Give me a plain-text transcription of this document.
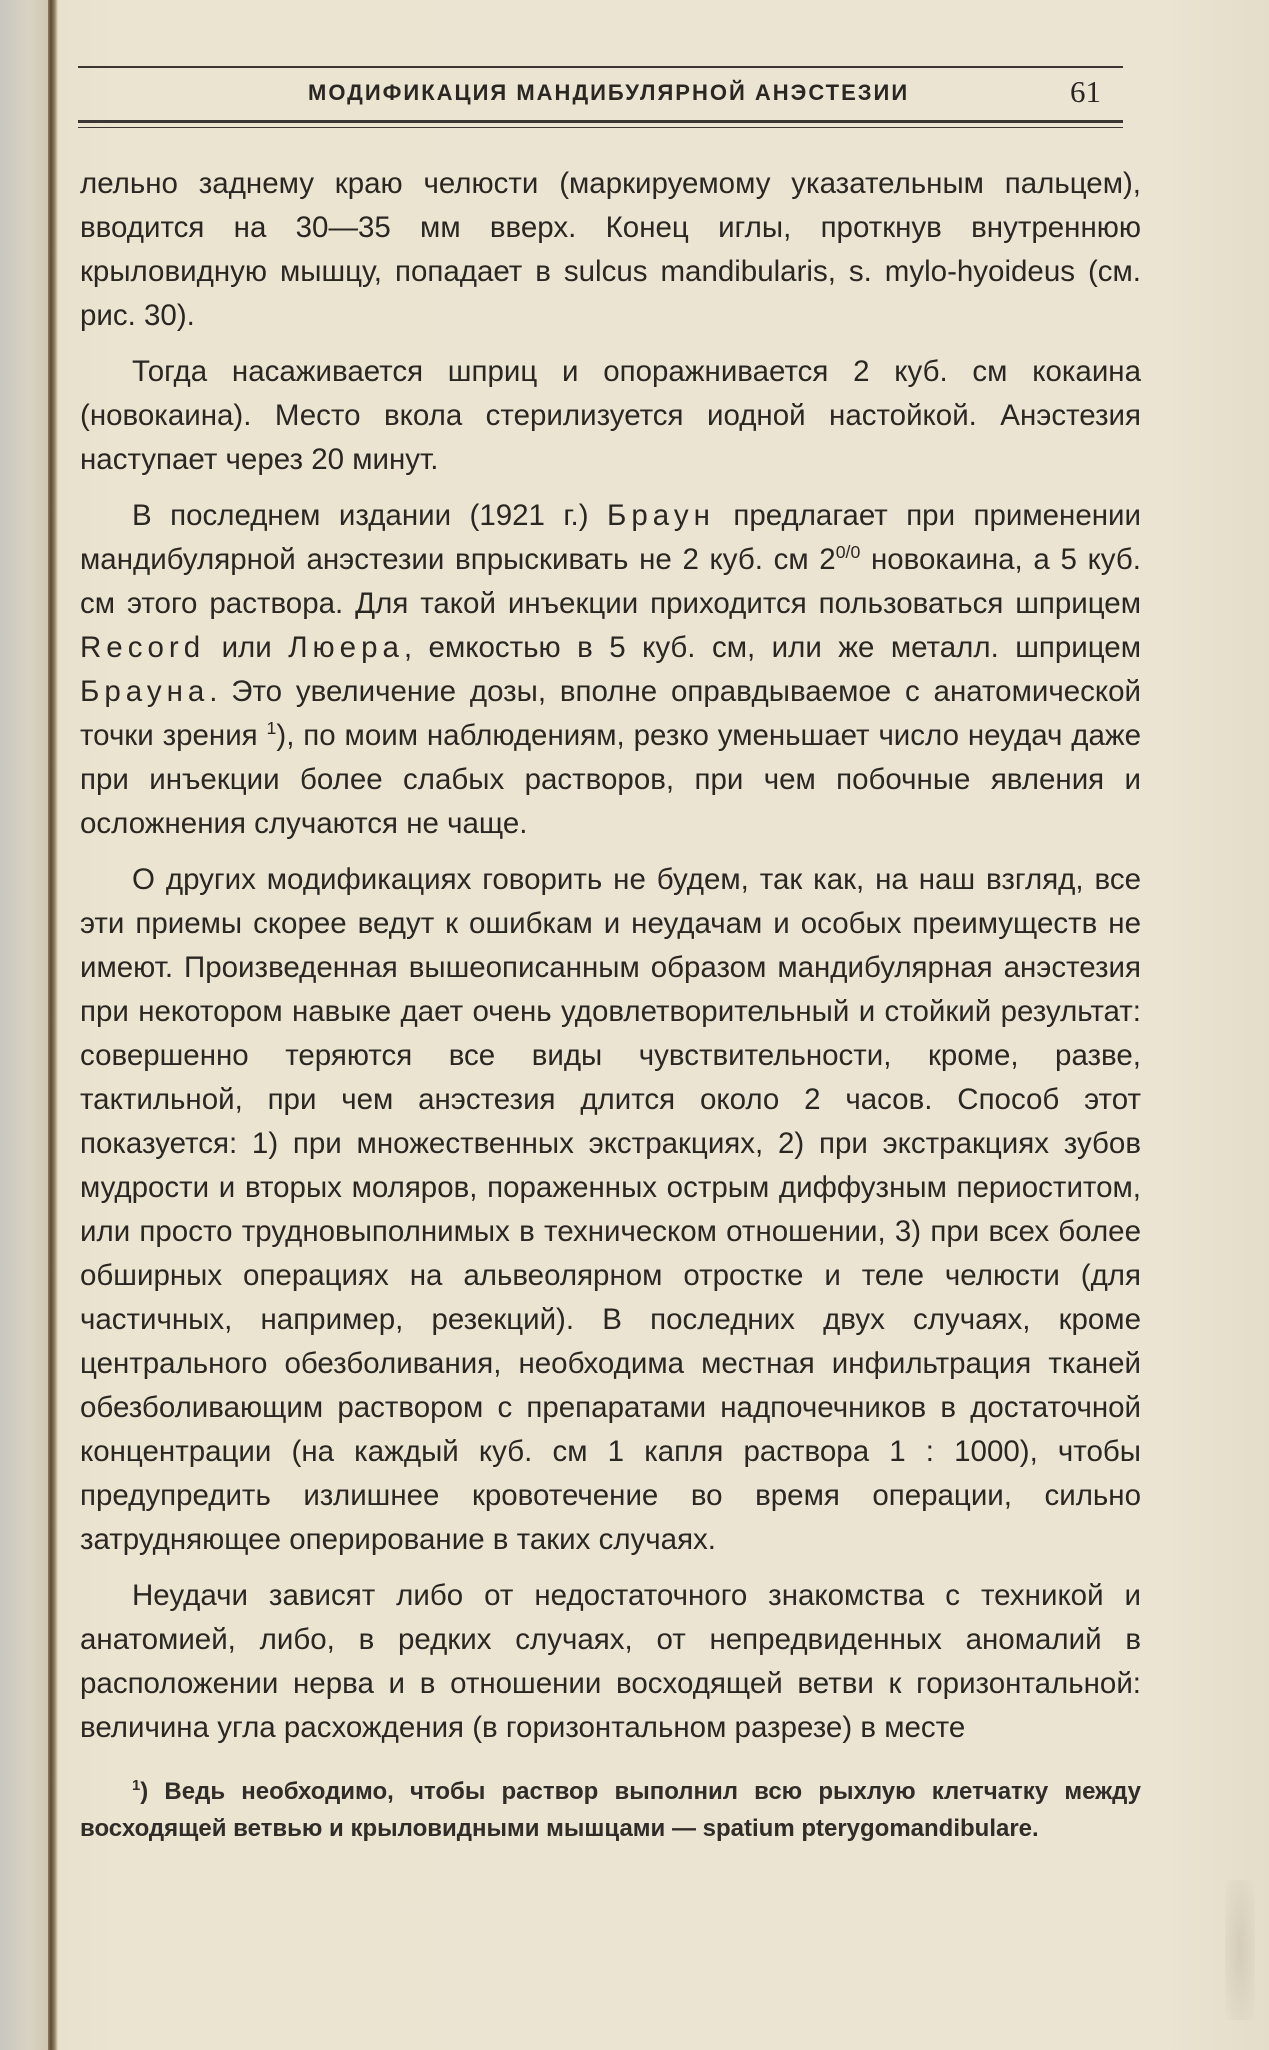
МОДИФИКАЦИЯ МАНДИБУЛЯРНОЙ АНЭСТЕЗИИ	61

лельно заднему краю челюсти (маркируемому указательным пальцем), вводится на 30—35 мм вверх. Конец иглы, проткнув внутреннюю крыловидную мышцу, попадает в sulcus mandibularis, s. mylo-hyoideus (см. рис. 30).

Тогда насаживается шприц и опоражнивается 2 куб. см кокаина (новокаина). Место вкола стерилизуется иодной настойкой. Анэстезия наступает через 20 минут.

В последнем издании (1921 г.) Браун предлагает при применении мандибулярной анэстезии впрыскивать не 2 куб. см $2^{0/0}$ новокаина, а 5 куб. см этого раствора. Для такой инъекции приходится пользоваться шприцем Record или Люера, емкостью в 5 куб. см, или же металл. шприцем Брауна. Это увеличение дозы, вполне оправдываемое с анатомической точки зрения $^1$), по моим наблюдениям, резко уменьшает число неудач даже при инъекции более слабых растворов, при чем побочные явления и осложнения случаются не чаще.

О других модификациях говорить не будем, так как, на наш взгляд, все эти приемы скорее ведут к ошибкам и неудачам и особых преимуществ не имеют. Произведенная вышеописанным образом мандибулярная анэстезия при некотором навыке дает очень удовлетворительный и стойкий результат: совершенно теряются все виды чувствительности, кроме, разве, тактильной, при чем анэстезия длится около 2 часов. Способ этот показуется: 1) при множественных экстракциях, 2) при экстракциях зубов мудрости и вторых моляров, пораженных острым диффузным периоститом, или просто трудновыполнимых в техническом отношении, 3) при всех более обширных операциях на альвеолярном отростке и теле челюсти (для частичных, например, резекций). В последних двух случаях, кроме центрального обезболивания, необходима местная инфильтрация тканей обезболивающим раствором с препаратами надпочечников в достаточной концентрации (на каждый куб. см 1 капля раствора 1 : 1000), чтобы предупредить излишнее кровотечение во время операции, сильно затрудняющее оперирование в таких случаях.

Неудачи зависят либо от недостаточного знакомства с техникой и анатомией, либо, в редких случаях, от непредвиденных аномалий в расположении нерва и в отношении восходящей ветви к горизонтальной: величина угла расхождения (в горизонтальном разрезе) в месте

$^1$) Ведь необходимо, чтобы раствор выполнил всю рыхлую клетчатку между восходящей ветвью и крыловидными мышцами — spatium pterygomandibulare.
